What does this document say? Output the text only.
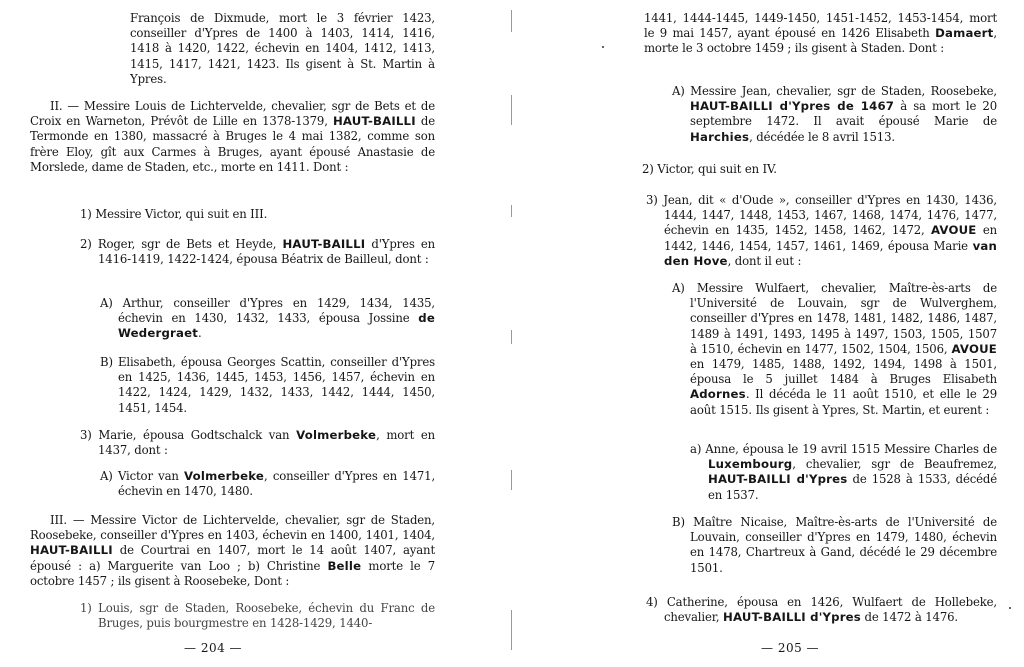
François de Dixmude, mort le 3 février 1423, conseiller d'Ypres de 1400 à 1403, 1414, 1416, 1418 à 1420, 1422, échevin en 1404, 1412, 1413, 1415, 1417, 1421, 1423. Ils gisent à St. Martin à Ypres.

II. — Messire Louis de Lichtervelde, chevalier, sgr de Bets et de Croix en Warneton, Prévôt de Lille en 1378-1379, HAUT-BAILLI de Termonde en 1380, massacré à Bruges le 4 mai 1382, comme son frère Eloy, gît aux Carmes à Bruges, ayant épousé Anastasie de Morslede, dame de Staden, etc., morte en 1411. Dont :

1) Messire Victor, qui suit en III.

2) Roger, sgr de Bets et Heyde, HAUT-BAILLI d'Ypres en 1416-1419, 1422-1424, épousa Béatrix de Bailleul, dont :

A) Arthur, conseiller d'Ypres en 1429, 1434, 1435, échevin en 1430, 1432, 1433, épousa Jossine de Wedergraet.

B) Elisabeth, épousa Georges Scattin, conseiller d'Ypres en 1425, 1436, 1445, 1453, 1456, 1457, échevin en 1422, 1424, 1429, 1432, 1433, 1442, 1444, 1450, 1451, 1454.

3) Marie, épousa Godtschalck van Volmerbeke, mort en 1437, dont :

A) Victor van Volmerbeke, conseiller d'Ypres en 1471, échevin en 1470, 1480.

III. — Messire Victor de Lichtervelde, chevalier, sgr de Staden, Roosebeke, conseiller d'Ypres en 1403, échevin en 1400, 1401, 1404, HAUT-BAILLI de Courtrai en 1407, mort le 14 août 1407, ayant épousé : a) Marguerite van Loo ; b) Christine Belle morte le 7 octobre 1457 ; ils gisent à Roosebeke, Dont :

1) Louis, sgr de Staden, Roosebeke, échevin du Franc de Bruges, puis bourgmestre en 1428-1429, 1440-

— 204 —

1441, 1444-1445, 1449-1450, 1451-1452, 1453-1454, mort le 9 mai 1457, ayant épousé en 1426 Elisabeth Damaert, morte le 3 octobre 1459 ; ils gisent à Staden. Dont :

A) Messire Jean, chevalier, sgr de Staden, Roosebeke, HAUT-BAILLI d'Ypres de 1467 à sa mort le 20 septembre 1472. Il avait épousé Marie de Harchies, décédée le 8 avril 1513.

2) Victor, qui suit en IV.

3) Jean, dit « d'Oude », conseiller d'Ypres en 1430, 1436, 1444, 1447, 1448, 1453, 1467, 1468, 1474, 1476, 1477, échevin en 1435, 1452, 1458, 1462, 1472, AVOUE en 1442, 1446, 1454, 1457, 1461, 1469, épousa Marie van den Hove, dont il eut :

A) Messire Wulfaert, chevalier, Maître-ès-arts de l'Université de Louvain, sgr de Wulverghem, conseiller d'Ypres en 1478, 1481, 1482, 1486, 1487, 1489 à 1491, 1493, 1495 à 1497, 1503, 1505, 1507 à 1510, échevin en 1477, 1502, 1504, 1506, AVOUE en 1479, 1485, 1488, 1492, 1494, 1498 à 1501, épousa le 5 juillet 1484 à Bruges Elisabeth Adornes. Il décéda le 11 août 1510, et elle le 29 août 1515. Ils gisent à Ypres, St. Martin, et eurent :

a) Anne, épousa le 19 avril 1515 Messire Charles de Luxembourg, chevalier, sgr de Beaufremez, HAUT-BAILLI d'Ypres de 1528 à 1533, décédé en 1537.

B) Maître Nicaise, Maître-ès-arts de l'Université de Louvain, conseiller d'Ypres en 1479, 1480, échevin en 1478, Chartreux à Gand, décédé le 29 décembre 1501.

4) Catherine, épousa en 1426, Wulfaert de Hollebeke, chevalier, HAUT-BAILLI d'Ypres de 1472 à 1476.

— 205 —
